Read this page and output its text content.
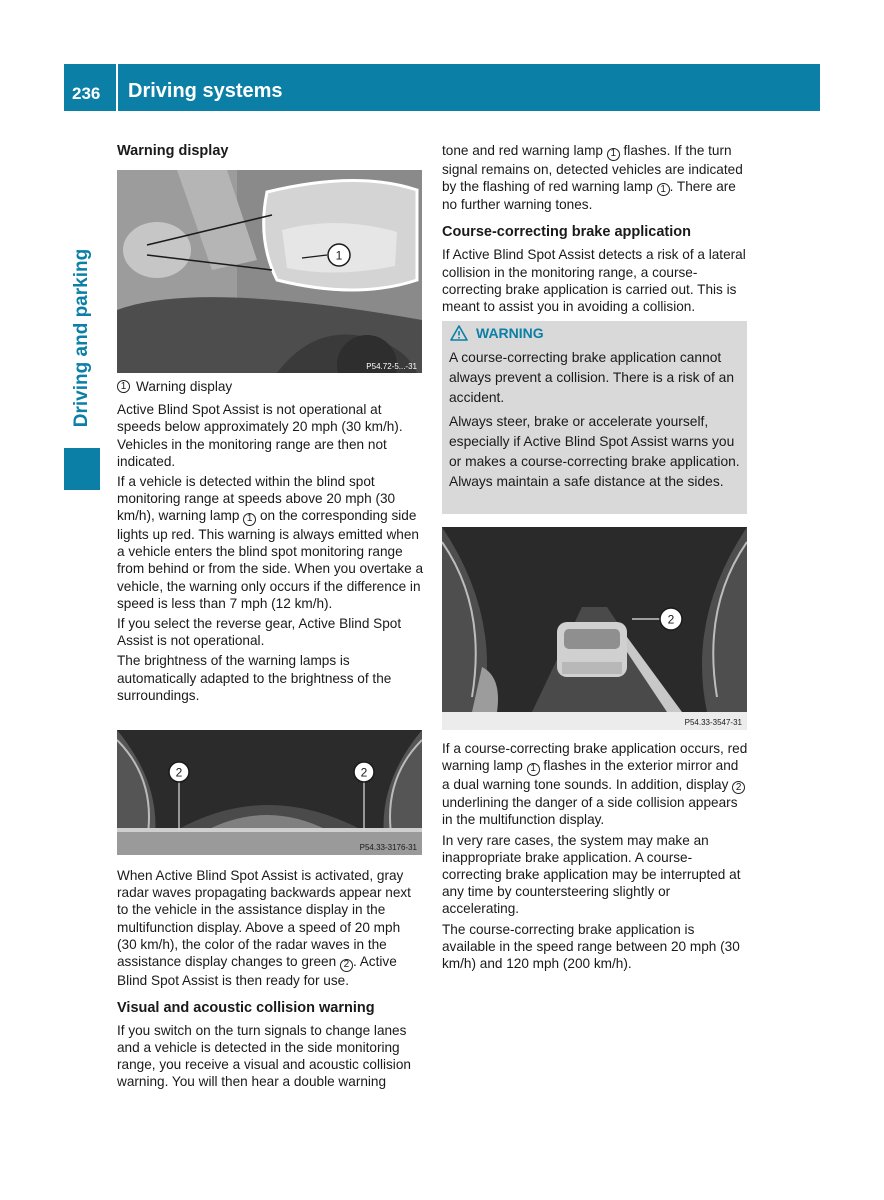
236 Driving systems
Driving and parking
Warning display
1
P54.72-5...-31
1 Warning display

Active Blind Spot Assist is not operational at speeds below approximately 20 mph (30 km/h). Vehicles in the monitoring range are then not indicated.

If a vehicle is detected within the blind spot monitoring range at speeds above 20 mph (30 km/h), warning lamp 1 on the corresponding side lights up red. This warning is always emitted when a vehicle enters the blind spot monitoring range from behind or from the side. When you overtake a vehicle, the warning only occurs if the difference in speed is less than 7 mph (12 km/h).

If you select the reverse gear, Active Blind Spot Assist is not operational.

The brightness of the warning lamps is automatically adapted to the brightness of the surroundings.

2	2
P54.33-3176-31

When Active Blind Spot Assist is activated, gray radar waves propagating backwards appear next to the vehicle in the assistance display in the multifunction display. Above a speed of 20 mph (30 km/h), the color of the radar waves in the assistance display changes to green 2 . Active Blind Spot Assist is then ready for use.

Visual and acoustic collision warning

If you switch on the turn signals to change lanes and a vehicle is detected in the side monitoring range, you receive a visual and acoustic collision warning. You will then hear a double warning

tone and red warning lamp 1 flashes. If the turn signal remains on, detected vehicles are indicated by the flashing of red warning lamp 1 . There are no further warning tones.

Course-correcting brake application

If Active Blind Spot Assist detects a risk of a lateral collision in the monitoring range, a course-correcting brake application is carried out. This is meant to assist you in avoiding a collision.

WARNING

A course-correcting brake application cannot always prevent a collision. There is a risk of an accident.

Always steer, brake or accelerate yourself, especially if Active Blind Spot Assist warns you or makes a course-correcting brake application. Always maintain a safe distance at the sides.

2
P54.33-3547-31

If a course-correcting brake application occurs, red warning lamp 1 flashes in the exterior mirror and a dual warning tone sounds. In addition, display 2 underlining the danger of a side collision appears in the multifunction display.

In very rare cases, the system may make an inappropriate brake application. A course-correcting brake application may be interrupted at any time by countersteering slightly or accelerating.

The course-correcting brake application is available in the speed range between 20 mph (30 km/h) and 120 mph (200 km/h).
